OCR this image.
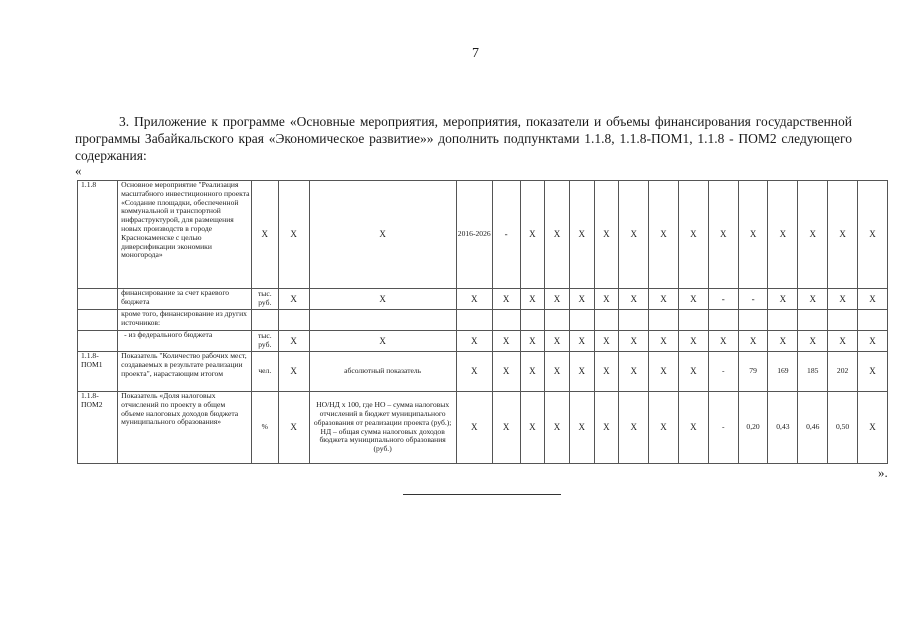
7
3. Приложение к программе «Основные мероприятия, мероприятия, показатели и объемы финансирования государственной программы Забайкальского края «Экономическое развитие»» дополнить подпунктами 1.1.8, 1.1.8-ПОМ1, 1.1.8 - ПОМ2 следующего содержания:
«
1.1.8	Основное мероприятие "Реализация масштабного инвестиционного проекта «Создание площадки, обеспеченной коммунальной и транспортной инфраструктурой, для размещения новых производств в городе Краснокаменске с целью диверсификации экономики моногорода»	Х	Х	Х	2016-2026	-	Х	Х	Х	Х	Х	Х	Х	Х	Х	Х	Х	Х	Х
	финансирование за счет краевого бюджета	тыс. руб.	Х	Х	Х	Х	Х	Х	Х	Х	Х	Х	Х	-	-	Х	Х	Х	Х
	кроме того, финансирование из других источников:																		
	- из федерального бюджета	тыс. руб.	Х	Х	Х	Х	Х	Х	Х	Х	Х	Х	Х	Х	Х	Х	Х	Х	Х
1.1.8-ПОМ1	Показатель "Количество рабочих мест, создаваемых в результате реализации проекта", нарастающим итогом	чел.	Х	абсолютный показатель	Х	Х	Х	Х	Х	Х	Х	Х	Х	-	79	169	185	202	Х
1.1.8-ПОМ2	Показатель «Доля налоговых отчислений по проекту в общем объеме налоговых доходов бюджета муниципального образования»	%	Х	НО/НД х 100, где НО – сумма налоговых отчислений в бюджет муниципального образования от реализации проекта (руб.); НД – общая сумма налоговых доходов бюджета муниципального образования (руб.)	Х	Х	Х	Х	Х	Х	Х	Х	Х	-	0,20	0,43	0,46	0,50	Х
».
